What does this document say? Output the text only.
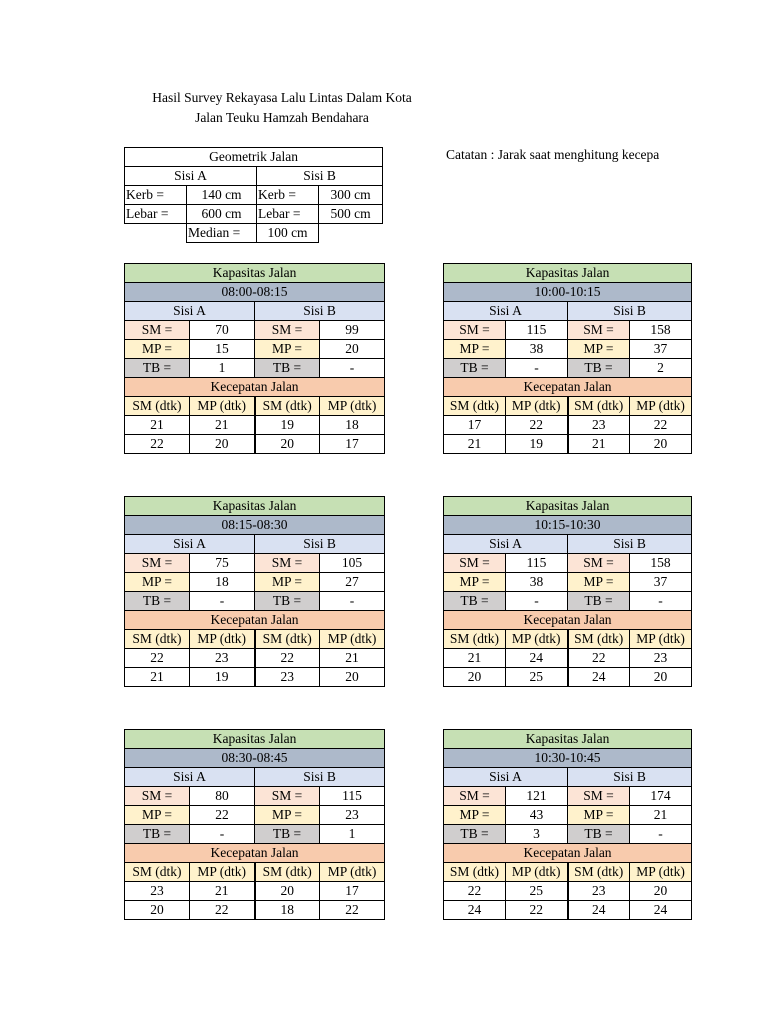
Hasil Survey Rekayasa Lalu Lintas Dalam Kota
Jalan Teuku Hamzah Bendahara
Catatan : Jarak saat menghitung kecepa
Geometrik Jalan			
Sisi A		Sisi B	
Kerb =	140 cm	Kerb =	300 cm
Lebar =	600 cm	Lebar =	500 cm
	Median =	100 cm	
Kapasitas Jalan			
08:00-08:15			
Sisi A		Sisi B	
SM =	70	SM =	99
MP =	15	MP =	20
TB =	1	TB =	-
Kecepatan Jalan			
SM (dtk)	MP (dtk)	SM (dtk)	MP (dtk)
21	21	19	18
22	20	20	17
Kapasitas Jalan			
10:00-10:15			
Sisi A		Sisi B	
SM =	115	SM =	158
MP =	38	MP =	37
TB =	-	TB =	2
Kecepatan Jalan			
SM (dtk)	MP (dtk)	SM (dtk)	MP (dtk)
17	22	23	22
21	19	21	20
Kapasitas Jalan			
08:15-08:30			
Sisi A		Sisi B	
SM =	75	SM =	105
MP =	18	MP =	27
TB =	-	TB =	-
Kecepatan Jalan			
SM (dtk)	MP (dtk)	SM (dtk)	MP (dtk)
22	23	22	21
21	19	23	20
Kapasitas Jalan			
10:15-10:30			
Sisi A		Sisi B	
SM =	115	SM =	158
MP =	38	MP =	37
TB =	-	TB =	-
Kecepatan Jalan			
SM (dtk)	MP (dtk)	SM (dtk)	MP (dtk)
21	24	22	23
20	25	24	20
Kapasitas Jalan			
08:30-08:45			
Sisi A		Sisi B	
SM =	80	SM =	115
MP =	22	MP =	23
TB =	-	TB =	1
Kecepatan Jalan			
SM (dtk)	MP (dtk)	SM (dtk)	MP (dtk)
23	21	20	17
20	22	18	22
Kapasitas Jalan			
10:30-10:45			
Sisi A		Sisi B	
SM =	121	SM =	174
MP =	43	MP =	21
TB =	3	TB =	-
Kecepatan Jalan			
SM (dtk)	MP (dtk)	SM (dtk)	MP (dtk)
22	25	23	20
24	22	24	24
